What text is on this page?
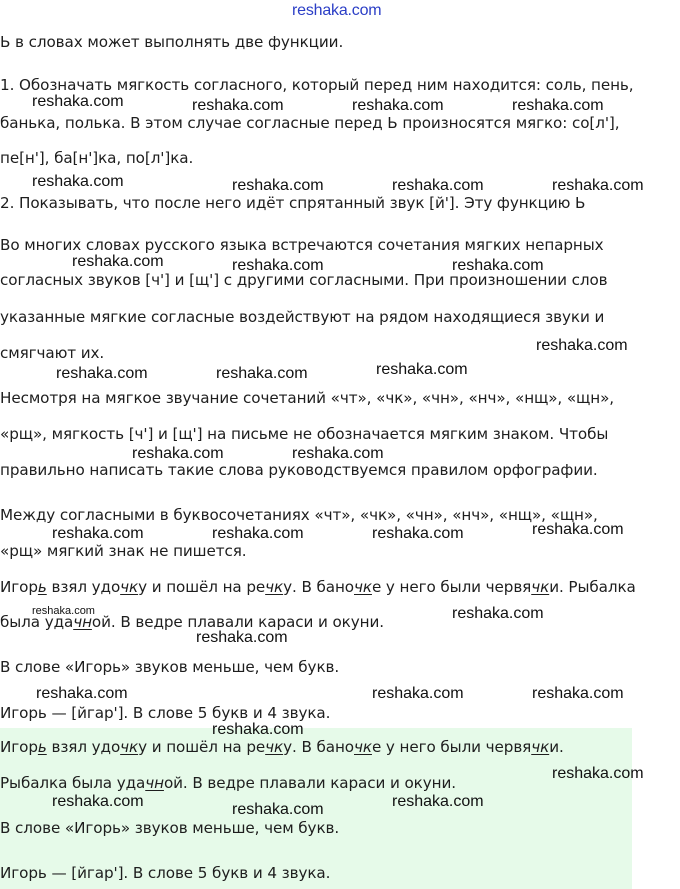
reshaka.com
Ь в словах может выполнять две функции.
1. Обозначать мягкость согласного, который перед ним находится: соль, пень,
банька, полька. В этом случае согласные перед Ь произносятся мягко: со[л'],
пе[н'], ба[н']ка, по[л']ка.
2. Показывать, что после него идёт спрятанный звук [й']. Эту функцию Ь
Во многих словах русского языка встречаются сочетания мягких непарных
согласных звуков [ч'] и [щ'] с другими согласными. При произношении слов
указанные мягкие согласные воздействуют на рядом находящиеся звуки и
смягчают их.
Несмотря на мягкое звучание сочетаний «чт», «чк», «чн», «нч», «нщ», «щн»,
«рщ», мягкость [ч'] и [щ'] на письме не обозначается мягким знаком. Чтобы
правильно написать такие слова руководствуемся правилом орфографии.
Между согласными в буквосочетаниях «чт», «чк», «чн», «нч», «нщ», «щн»,
«рщ» мягкий знак не пишется.
Игорь взял удочку и пошёл на речку. В баночке у него были червячки. Рыбалка
была удачной. В ведре плавали караси и окуни.
В слове «Игорь» звуков меньше, чем букв.
Игорь — [йгар']. В слове 5 букв и 4 звука.
Игорь взял удочку и пошёл на речку. В баночке у него были червячки.
Рыбалка была удачной. В ведре плавали караси и окуни.
В слове «Игорь» звуков меньше, чем букв.
Игорь — [йгар']. В слове 5 букв и 4 звука.
reshaka.com	reshaka.com	reshaka.com	reshaka.com
reshaka.com	reshaka.com	reshaka.com	reshaka.com
reshaka.com	reshaka.com	reshaka.com
reshaka.com
reshaka.com	reshaka.com	reshaka.com
reshaka.com	reshaka.com
reshaka.com	reshaka.com	reshaka.com	reshaka.com
reshaka.com	reshaka.com
reshaka.com
reshaka.com	reshaka.com	reshaka.com
reshaka.com
reshaka.com
reshaka.com	reshaka.com	reshaka.com
